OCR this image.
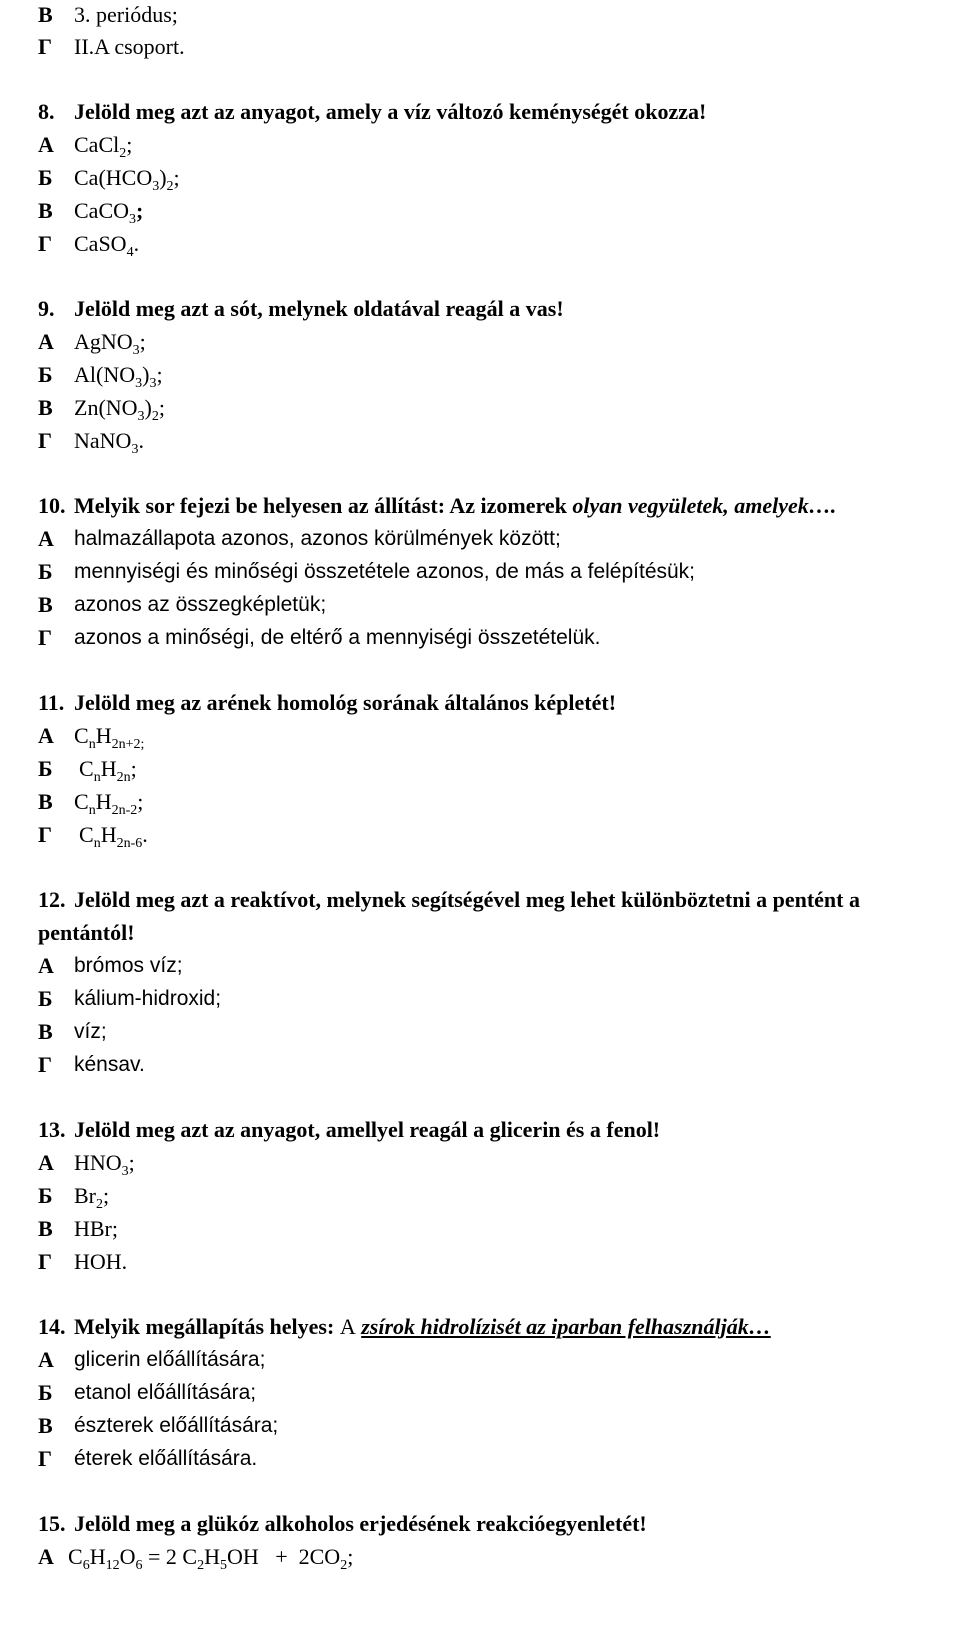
В 3. periódus;
Г II.A csoport.
8. Jelöld meg azt az anyagot, amely a víz változó keménységét okozza!
А CaCl$_2$;
Б $Ca(HCO_3)_2$;
В CaCO$_3$;
Г CaSO$_4$.
9. Jelöld meg azt a sót, melynek oldatával reagál a vas!
А AgNO$_3$;
Б $Al(NO_3)_3$;
В $Zn(NO_3)_2$;
Г NaNO$_3$.
10. Melyik sor fejezi be helyesen az állítást: Az izomerek olyan vegyületek, amelyek….
А halmazállapota azonos, azonos körülmények között;
Б mennyiségi és minőségi összetétele azonos, de más a felépítésük;
В azonos az összegképletük;
Г azonos a minőségi, de eltérő a mennyiségi összetételük.
11. Jelöld meg az arének homológ sorának általános képletét!
А $C_nH_{2n+2;}$
Б $C_nH_{2n}$;
В $C_nH_{2n-2}$;
Г $C_nH_{2n-6}$.
12. Jelöld meg azt a reaktívot, melynek segítségével meg lehet különböztetni a pentént a
pentántól!
А brómos víz;
Б kálium-hidroxid;
В víz;
Г kénsav.
13. Jelöld meg azt az anyagot, amellyel reagál a glicerin és a fenol!
А $HNO_3$;
Б $Br_2$;
В HBr;
Г HOH.
14. Melyik megállapítás helyes: A zsírok hidrolízisét az iparban felhasználják…
А glicerin előállítására;
Б etanol előállítására;
В észterek előállítására;
Г éterek előállítására.
15. Jelöld meg a glükóz alkoholos erjedésének reakcióegyenletét!
А $C_6H_{12}O_6 = 2$ $C_2H_5OH + 2CO_2$;
